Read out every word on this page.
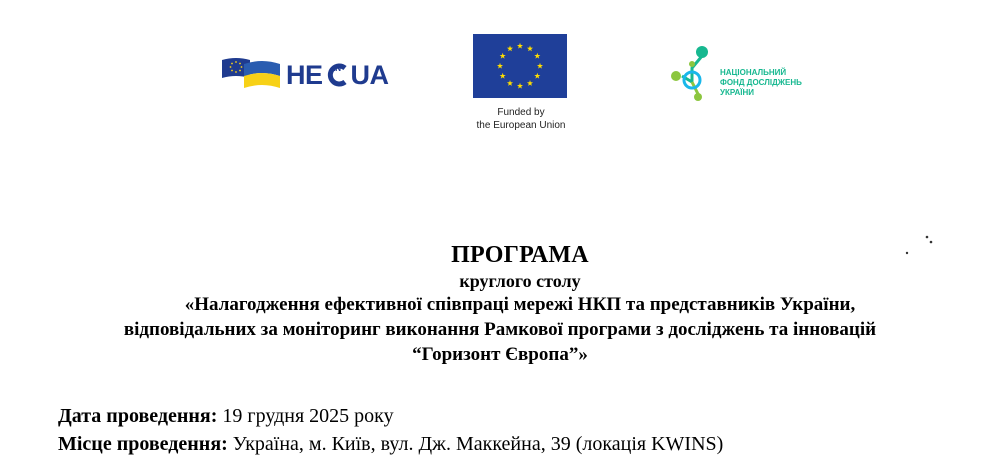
HE IN UA
Funded by
the European Union
НАЦІОНАЛЬНИЙ
ФОНД ДОСЛІДЖЕНЬ
УКРАЇНИ
ПРОГРАМА
круглого столу
«Налагодження ефективної співпраці мережі НКП та представників України,
відповідальних за моніторинг виконання Рамкової програми з досліджень та інновацій
“Горизонт Європа”»
Дата проведення: 19 грудня 2025 року
Місце проведення: Україна, м. Київ, вул. Дж. Маккейна, 39 (локація KWINS)
